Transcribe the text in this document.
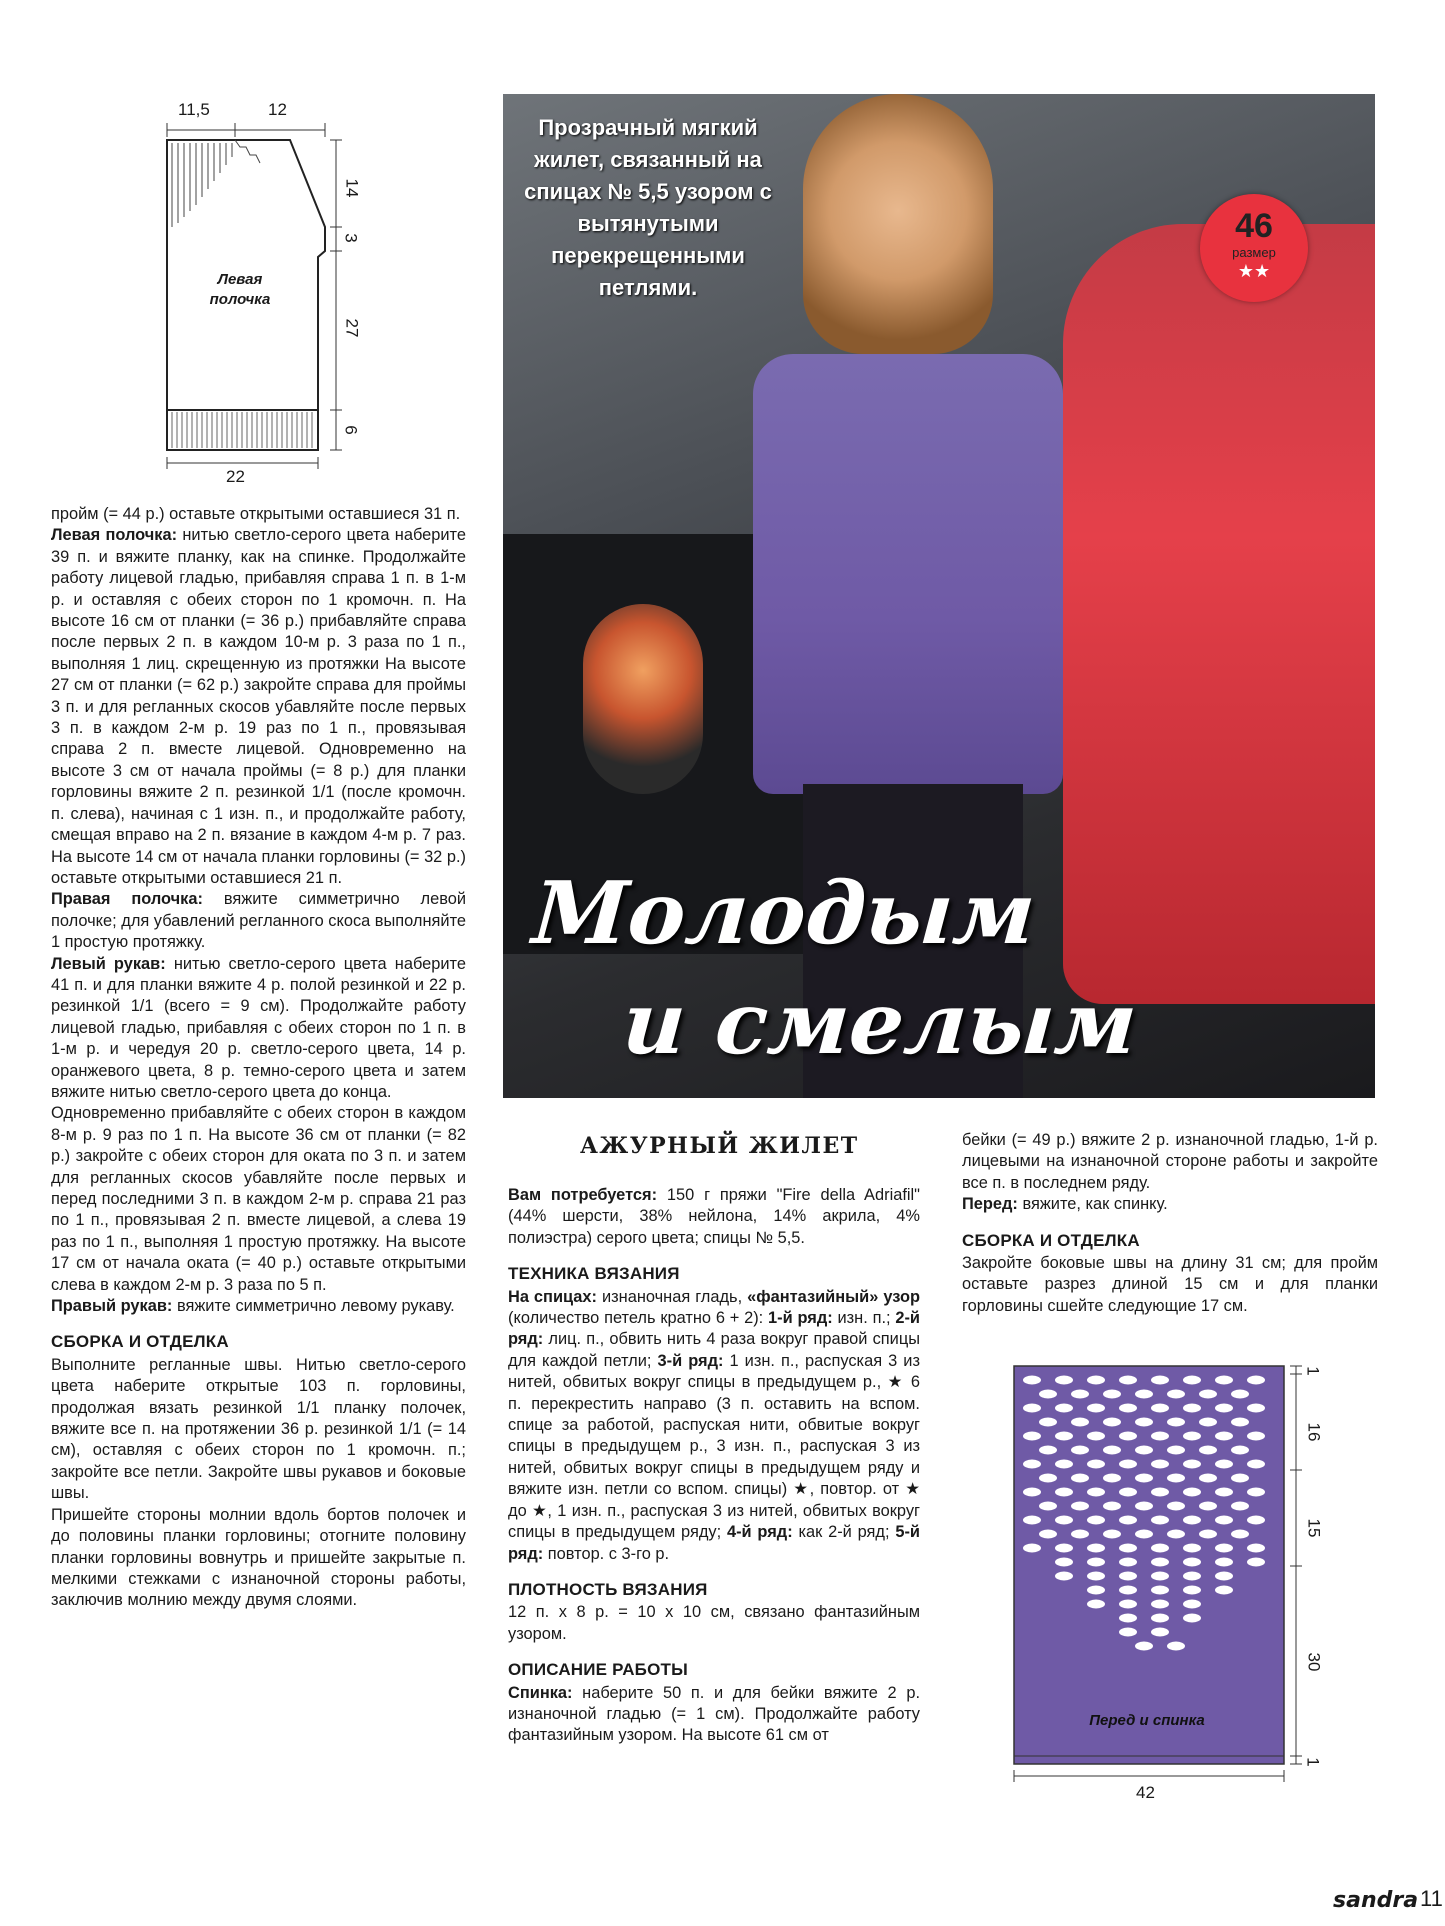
11,5	12
14
3
27
6
22
Левая полочка

пройм (= 44 р.) оставьте открытыми оставшиеся 31 п.

Левая полочка: нитью светло-серого цвета наберите 39 п. и вяжите планку, как на спинке. Продолжайте работу лицевой гладью, прибавляя справа 1 п. в 1-м р. и оставляя с обеих сторон по 1 кромочн. п. На высоте 16 см от планки (= 36 р.) прибавляйте справа после первых 2 п. в каждом 10-м р. 3 раза по 1 п., выполняя 1 лиц. скрещенную из протяжки На высоте 27 см от планки (= 62 р.) закройте справа для проймы 3 п. и для регланных скосов убавляйте после первых 3 п. в каждом 2-м р. 19 раз по 1 п., провязывая справа 2 п. вместе лицевой. Одновременно на высоте 3 см от начала проймы (= 8 р.) для планки горловины вяжите 2 п. резинкой 1/1 (после кромочн. п. слева), начиная с 1 изн. п., и продолжайте работу, смещая вправо на 2 п. вязание в каждом 4-м р. 7 раз. На высоте 14 см от начала планки горловины (= 32 р.) оставьте открытыми оставшиеся 21 п.

Правая полочка: вяжите симметрично левой полочке; для убавлений регланного скоса выполняйте 1 простую протяжку.

Левый рукав: нитью светло-серого цвета наберите 41 п. и для планки вяжите 4 р. полой резинкой и 22 р. резинкой 1/1 (всего = 9 см). Продолжайте работу лицевой гладью, прибавляя с обеих сторон по 1 п. в 1-м р. и чередуя 20 р. светло-серого цвета, 14 р. оранжевого цвета, 8 р. темно-серого цвета и затем вяжите нитью светло-серого цвета до конца.

Одновременно прибавляйте с обеих сторон в каждом 8-м р. 9 раз по 1 п. На высоте 36 см от планки (= 82 р.) закройте с обеих сторон для оката по 3 п. и затем для регланных скосов убавляйте после первых и перед последними 3 п. в каждом 2-м р. справа 21 раз по 1 п., провязывая 2 п. вместе лицевой, а слева 19 раз по 1 п., выполняя 1 простую протяжку. На высоте 17 см от начала оката (= 40 р.) оставьте открытыми слева в каждом 2-м р. 3 раза по 5 п.

Правый рукав: вяжите симметрично левому рукаву.

СБОРКА И ОТДЕЛКА

Выполните регланные швы. Нитью светло-серого цвета наберите открытые 103 п. горловины, продолжая вязать резинкой 1/1 планку полочек, вяжите все п. на протяжении 36 р. резинкой 1/1 (= 14 см), оставляя с обеих сторон по 1 кромочн. п.; закройте все петли. Закройте швы рукавов и боковые швы.

Пришейте стороны молнии вдоль бортов полочек и до половины планки горловины; отогните половину планки горловины вовнутрь и пришейте закрытые п. мелкими стежками с изнаночной стороны работы, заключив молнию между двумя слоями.

Прозрачный мягкий жилет, связанный на спицах № 5,5 узором с вытянутыми перекрещенными петлями.
46
размер
★★
Молодым
и смелым
АЖУРНЫЙ ЖИЛЕТ

Вам потребуется: 150 г пряжи "Fire della Adriafil" (44% шерсти, 38% нейлона, 14% акрила, 4% полиэстра) серого цвета; спицы № 5,5.

ТЕХНИКА ВЯЗАНИЯ

На спицах: изнаночная гладь, «фантазийный» узор (количество петель кратно 6 + 2): 1-й ряд: изн. п.; 2-й ряд: лиц. п., обвить нить 4 раза вокруг правой спицы для каждой петли; 3-й ряд: 1 изн. п., распуская 3 из нитей, обвитых вокруг спицы в предыдущем р., ★ 6 п. перекрестить направо (3 п. оставить на вспом. спице за работой, распуская нити, обвитые вокруг спицы в предыдущем р., 3 изн. п., распуская 3 из нитей, обвитых вокруг спицы в предыдущем ряду и вяжите изн. петли со вспом. спицы) ★, повтор. от ★ до ★, 1 изн. п., распуская 3 из нитей, обвитых вокруг спицы в предыдущем ряду; 4-й ряд: как 2-й ряд; 5-й ряд: повтор. с 3-го р.

ПЛОТНОСТЬ ВЯЗАНИЯ

12 п. х 8 р. = 10 х 10 см, связано фантазийным узором.

ОПИСАНИЕ РАБОТЫ

Спинка: наберите 50 п. и для бейки вяжите 2 р. изнаночной гладью (= 1 см). Продолжайте работу фантазийным узором. На высоте 61 см от

бейки (= 49 р.) вяжите 2 р. изнаночной гладью, 1-й р. лицевыми на изнаночной стороне работы и закройте все п. в последнем ряду.

Перед: вяжите, как спинку.

СБОРКА И ОТДЕЛКА

Закройте боковые швы на длину 31 см; для пройм оставьте разрез длиной 15 см и для планки горловины сшейте следующие 17 см.

Перед и спинка
1
16
15
30
1
42
sandra 11
